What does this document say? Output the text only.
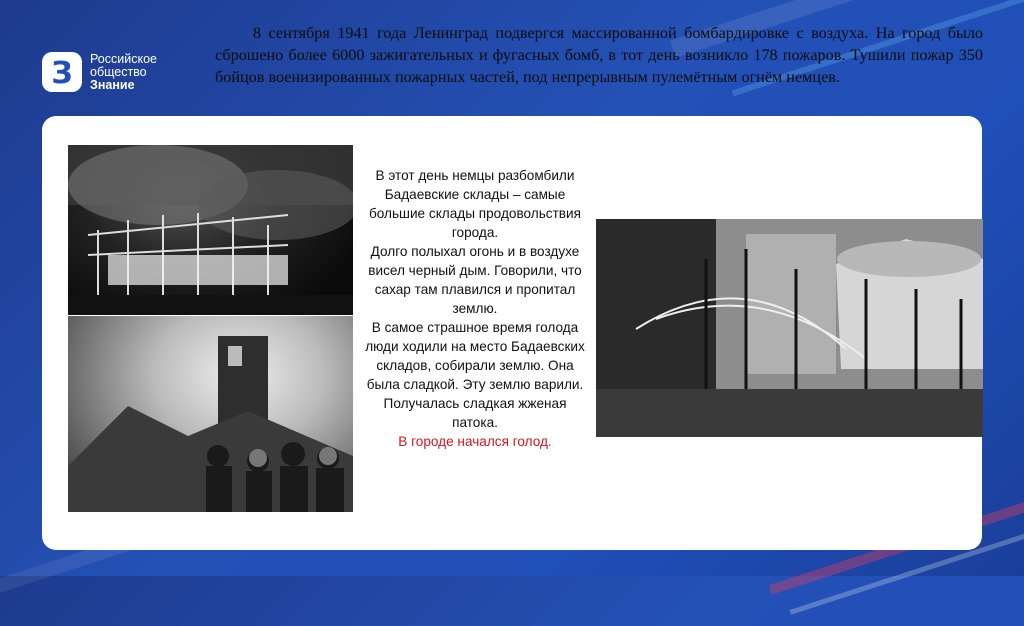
З	Российское
общество
Знание

8 сентября 1941 года Ленинград подвергся массированной бомбардировке с воздуха. На город было сброшено более 6000 зажигательных и фугасных бомб, в тот день возникло 178 пожаров. Тушили пожар 350 бойцов военизированных пожарных частей, под непрерывным пулемётным огнём немцев.

В этот день немцы разбомбили Бадаевские склады – самые большие склады продовольствия города.

Долго полыхал огонь и в воздухе висел черный дым. Говорили, что сахар там плавился и пропитал землю.

В самое страшное время голода люди ходили на место Бадаевских складов, собирали землю. Она была сладкой. Эту землю варили. Получалась сладкая жженая патока.

В городе начался голод.
